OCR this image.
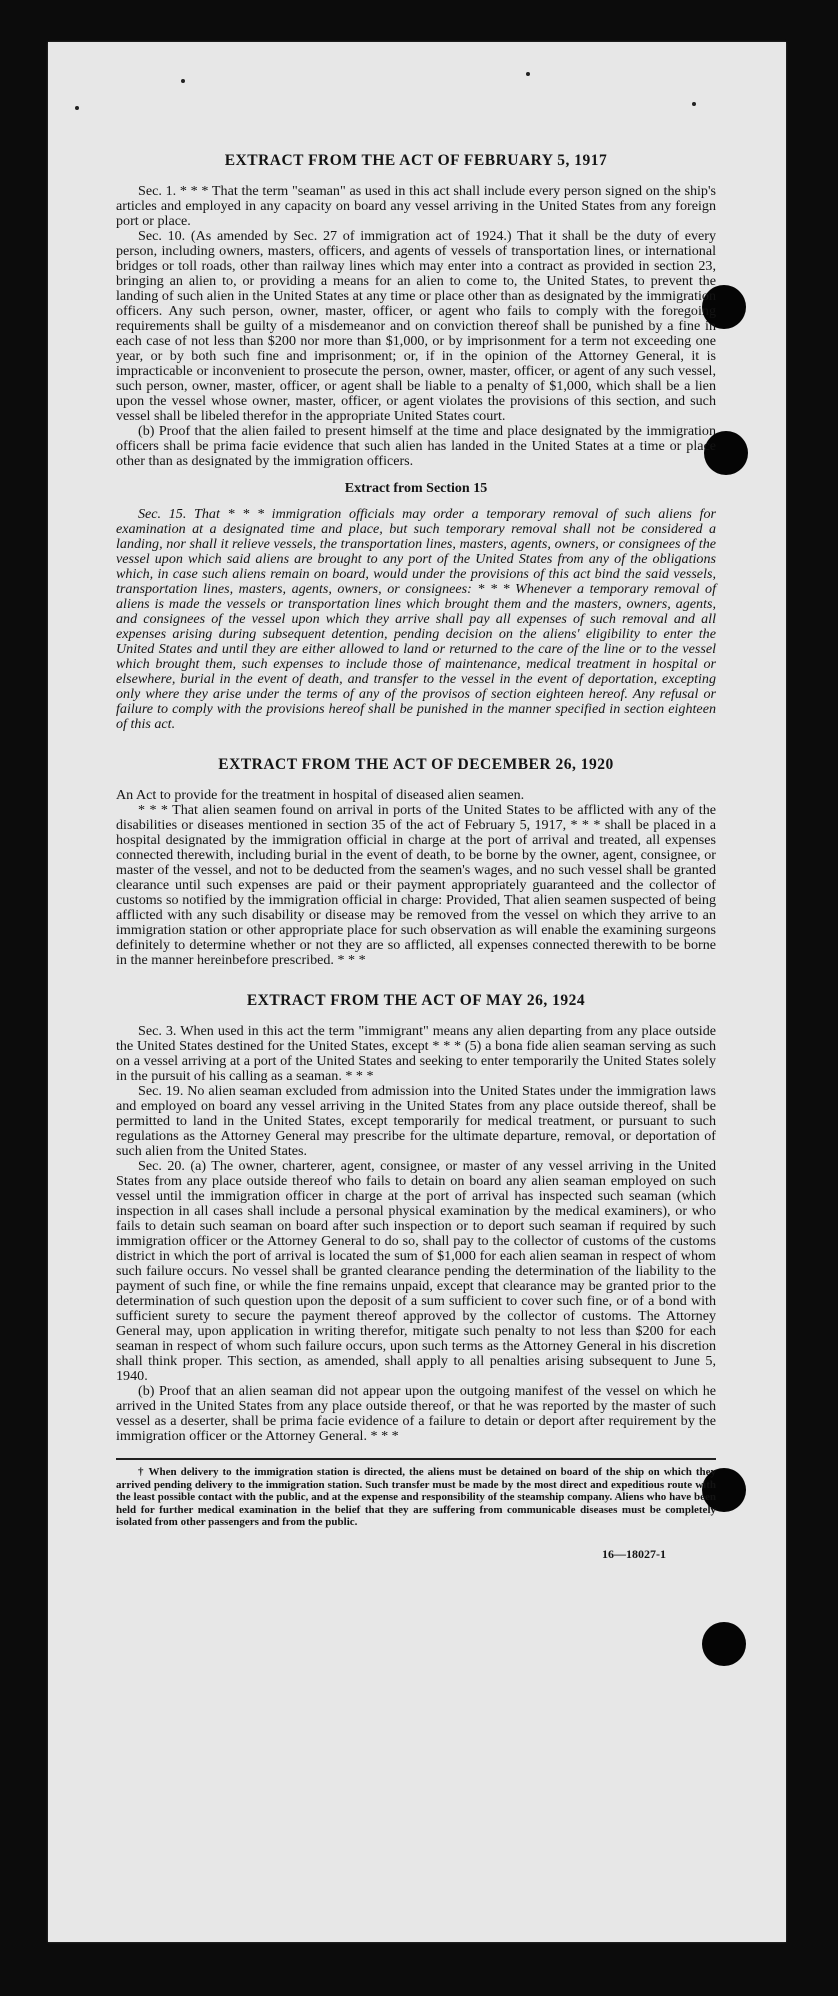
EXTRACT FROM THE ACT OF FEBRUARY 5, 1917

Sec. 1. * * * That the term "seaman" as used in this act shall include every person signed on the ship's articles and employed in any capacity on board any vessel arriving in the United States from any foreign port or place.

Sec. 10. (As amended by Sec. 27 of immigration act of 1924.) That it shall be the duty of every person, including owners, masters, officers, and agents of vessels of transportation lines, or international bridges or toll roads, other than railway lines which may enter into a contract as provided in section 23, bringing an alien to, or providing a means for an alien to come to, the United States, to prevent the landing of such alien in the United States at any time or place other than as designated by the immigration officers. Any such person, owner, master, officer, or agent who fails to comply with the foregoing requirements shall be guilty of a misdemeanor and on conviction thereof shall be punished by a fine in each case of not less than $200 nor more than $1,000, or by imprisonment for a term not exceeding one year, or by both such fine and imprisonment; or, if in the opinion of the Attorney General, it is impracticable or inconvenient to prosecute the person, owner, master, officer, or agent of any such vessel, such person, owner, master, officer, or agent shall be liable to a penalty of $1,000, which shall be a lien upon the vessel whose owner, master, officer, or agent violates the provisions of this section, and such vessel shall be libeled therefor in the appropriate United States court.

(b) Proof that the alien failed to present himself at the time and place designated by the immigration officers shall be prima facie evidence that such alien has landed in the United States at a time or place other than as designated by the immigration officers.

Extract from Section 15

Sec. 15. That * * * immigration officials may order a temporary removal of such aliens for examination at a designated time and place, but such temporary removal shall not be considered a landing, nor shall it relieve vessels, the transportation lines, masters, agents, owners, or consignees of the vessel upon which said aliens are brought to any port of the United States from any of the obligations which, in case such aliens remain on board, would under the provisions of this act bind the said vessels, transportation lines, masters, agents, owners, or consignees: * * * Whenever a temporary removal of aliens is made the vessels or transportation lines which brought them and the masters, owners, agents, and consignees of the vessel upon which they arrive shall pay all expenses of such removal and all expenses arising during subsequent detention, pending decision on the aliens' eligibility to enter the United States and until they are either allowed to land or returned to the care of the line or to the vessel which brought them, such expenses to include those of maintenance, medical treatment in hospital or elsewhere, burial in the event of death, and transfer to the vessel in the event of deportation, excepting only where they arise under the terms of any of the provisos of section eighteen hereof. Any refusal or failure to comply with the provisions hereof shall be punished in the manner specified in section eighteen of this act.

EXTRACT FROM THE ACT OF DECEMBER 26, 1920

An Act to provide for the treatment in hospital of diseased alien seamen.

* * * That alien seamen found on arrival in ports of the United States to be afflicted with any of the disabilities or diseases mentioned in section 35 of the act of February 5, 1917, * * * shall be placed in a hospital designated by the immigration official in charge at the port of arrival and treated, all expenses connected therewith, including burial in the event of death, to be borne by the owner, agent, consignee, or master of the vessel, and not to be deducted from the seamen's wages, and no such vessel shall be granted clearance until such expenses are paid or their payment appropriately guaranteed and the collector of customs so notified by the immigration official in charge: Provided, That alien seamen suspected of being afflicted with any such disability or disease may be removed from the vessel on which they arrive to an immigration station or other appropriate place for such observation as will enable the examining surgeons definitely to determine whether or not they are so afflicted, all expenses connected therewith to be borne in the manner hereinbefore prescribed. * * *

EXTRACT FROM THE ACT OF MAY 26, 1924

Sec. 3. When used in this act the term "immigrant" means any alien departing from any place outside the United States destined for the United States, except * * * (5) a bona fide alien seaman serving as such on a vessel arriving at a port of the United States and seeking to enter temporarily the United States solely in the pursuit of his calling as a seaman. * * *

Sec. 19. No alien seaman excluded from admission into the United States under the immigration laws and employed on board any vessel arriving in the United States from any place outside thereof, shall be permitted to land in the United States, except temporarily for medical treatment, or pursuant to such regulations as the Attorney General may prescribe for the ultimate departure, removal, or deportation of such alien from the United States.

Sec. 20. (a) The owner, charterer, agent, consignee, or master of any vessel arriving in the United States from any place outside thereof who fails to detain on board any alien seaman employed on such vessel until the immigration officer in charge at the port of arrival has inspected such seaman (which inspection in all cases shall include a personal physical examination by the medical examiners), or who fails to detain such seaman on board after such inspection or to deport such seaman if required by such immigration officer or the Attorney General to do so, shall pay to the collector of customs of the customs district in which the port of arrival is located the sum of $1,000 for each alien seaman in respect of whom such failure occurs. No vessel shall be granted clearance pending the determination of the liability to the payment of such fine, or while the fine remains unpaid, except that clearance may be granted prior to the determination of such question upon the deposit of a sum sufficient to cover such fine, or of a bond with sufficient surety to secure the payment thereof approved by the collector of customs. The Attorney General may, upon application in writing therefor, mitigate such penalty to not less than $200 for each seaman in respect of whom such failure occurs, upon such terms as the Attorney General in his discretion shall think proper. This section, as amended, shall apply to all penalties arising subsequent to June 5, 1940.

(b) Proof that an alien seaman did not appear upon the outgoing manifest of the vessel on which he arrived in the United States from any place outside thereof, or that he was reported by the master of such vessel as a deserter, shall be prima facie evidence of a failure to detain or deport after requirement by the immigration officer or the Attorney General. * * *

† When delivery to the immigration station is directed, the aliens must be detained on board of the ship on which they arrived pending delivery to the immigration station. Such transfer must be made by the most direct and expeditious route with the least possible contact with the public, and at the expense and responsibility of the steamship company. Aliens who have been held for further medical examination in the belief that they are suffering from communicable diseases must be completely isolated from other passengers and from the public.

16—18027-1
